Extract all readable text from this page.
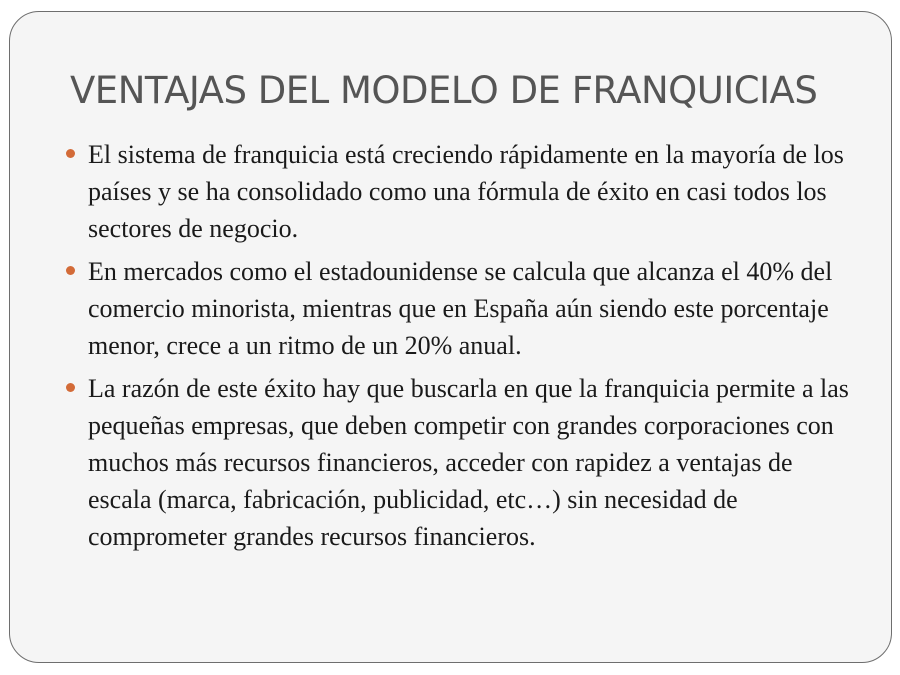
VENTAJAS DEL MODELO DE FRANQUICIAS
El sistema de franquicia está creciendo rápidamente en la mayoría de los países y se ha consolidado como una fórmula de éxito en casi todos los sectores de negocio.
En mercados como el estadounidense se calcula que alcanza el 40% del comercio minorista, mientras que en España aún siendo este porcentaje menor, crece a un ritmo de un 20% anual.
La razón de este éxito hay que buscarla en que la franquicia permite a las pequeñas empresas, que deben competir con grandes corporaciones con muchos más recursos financieros, acceder con rapidez a ventajas de escala (marca, fabricación, publicidad, etc…) sin necesidad de comprometer grandes recursos financieros.
